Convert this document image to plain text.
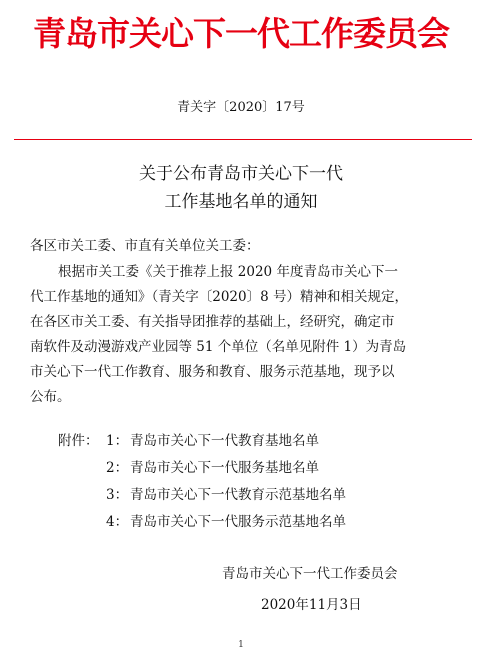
青岛市关心下一代工作委员会
青关字〔2020〕17号
关于公布青岛市关心下一代
工作基地名单的通知
各区市关工委、市直有关单位关工委：
根据市关工委《关于推荐上报 2020 年度青岛市关心下一
代工作基地的通知》（青关字〔2020〕8 号）精神和相关规定，
在各区市关工委、有关指导团推荐的基础上，经研究，确定市
南软件及动漫游戏产业园等 51 个单位（名单见附件 1）为青岛
市关心下一代工作教育、服务和教育、服务示范基地，现予以
公布。
附件： 1： 青岛市关心下一代教育基地名单
2： 青岛市关心下一代服务基地名单
3： 青岛市关心下一代教育示范基地名单
4： 青岛市关心下一代服务示范基地名单
青岛市关心下一代工作委员会
2020年11月3日
1
